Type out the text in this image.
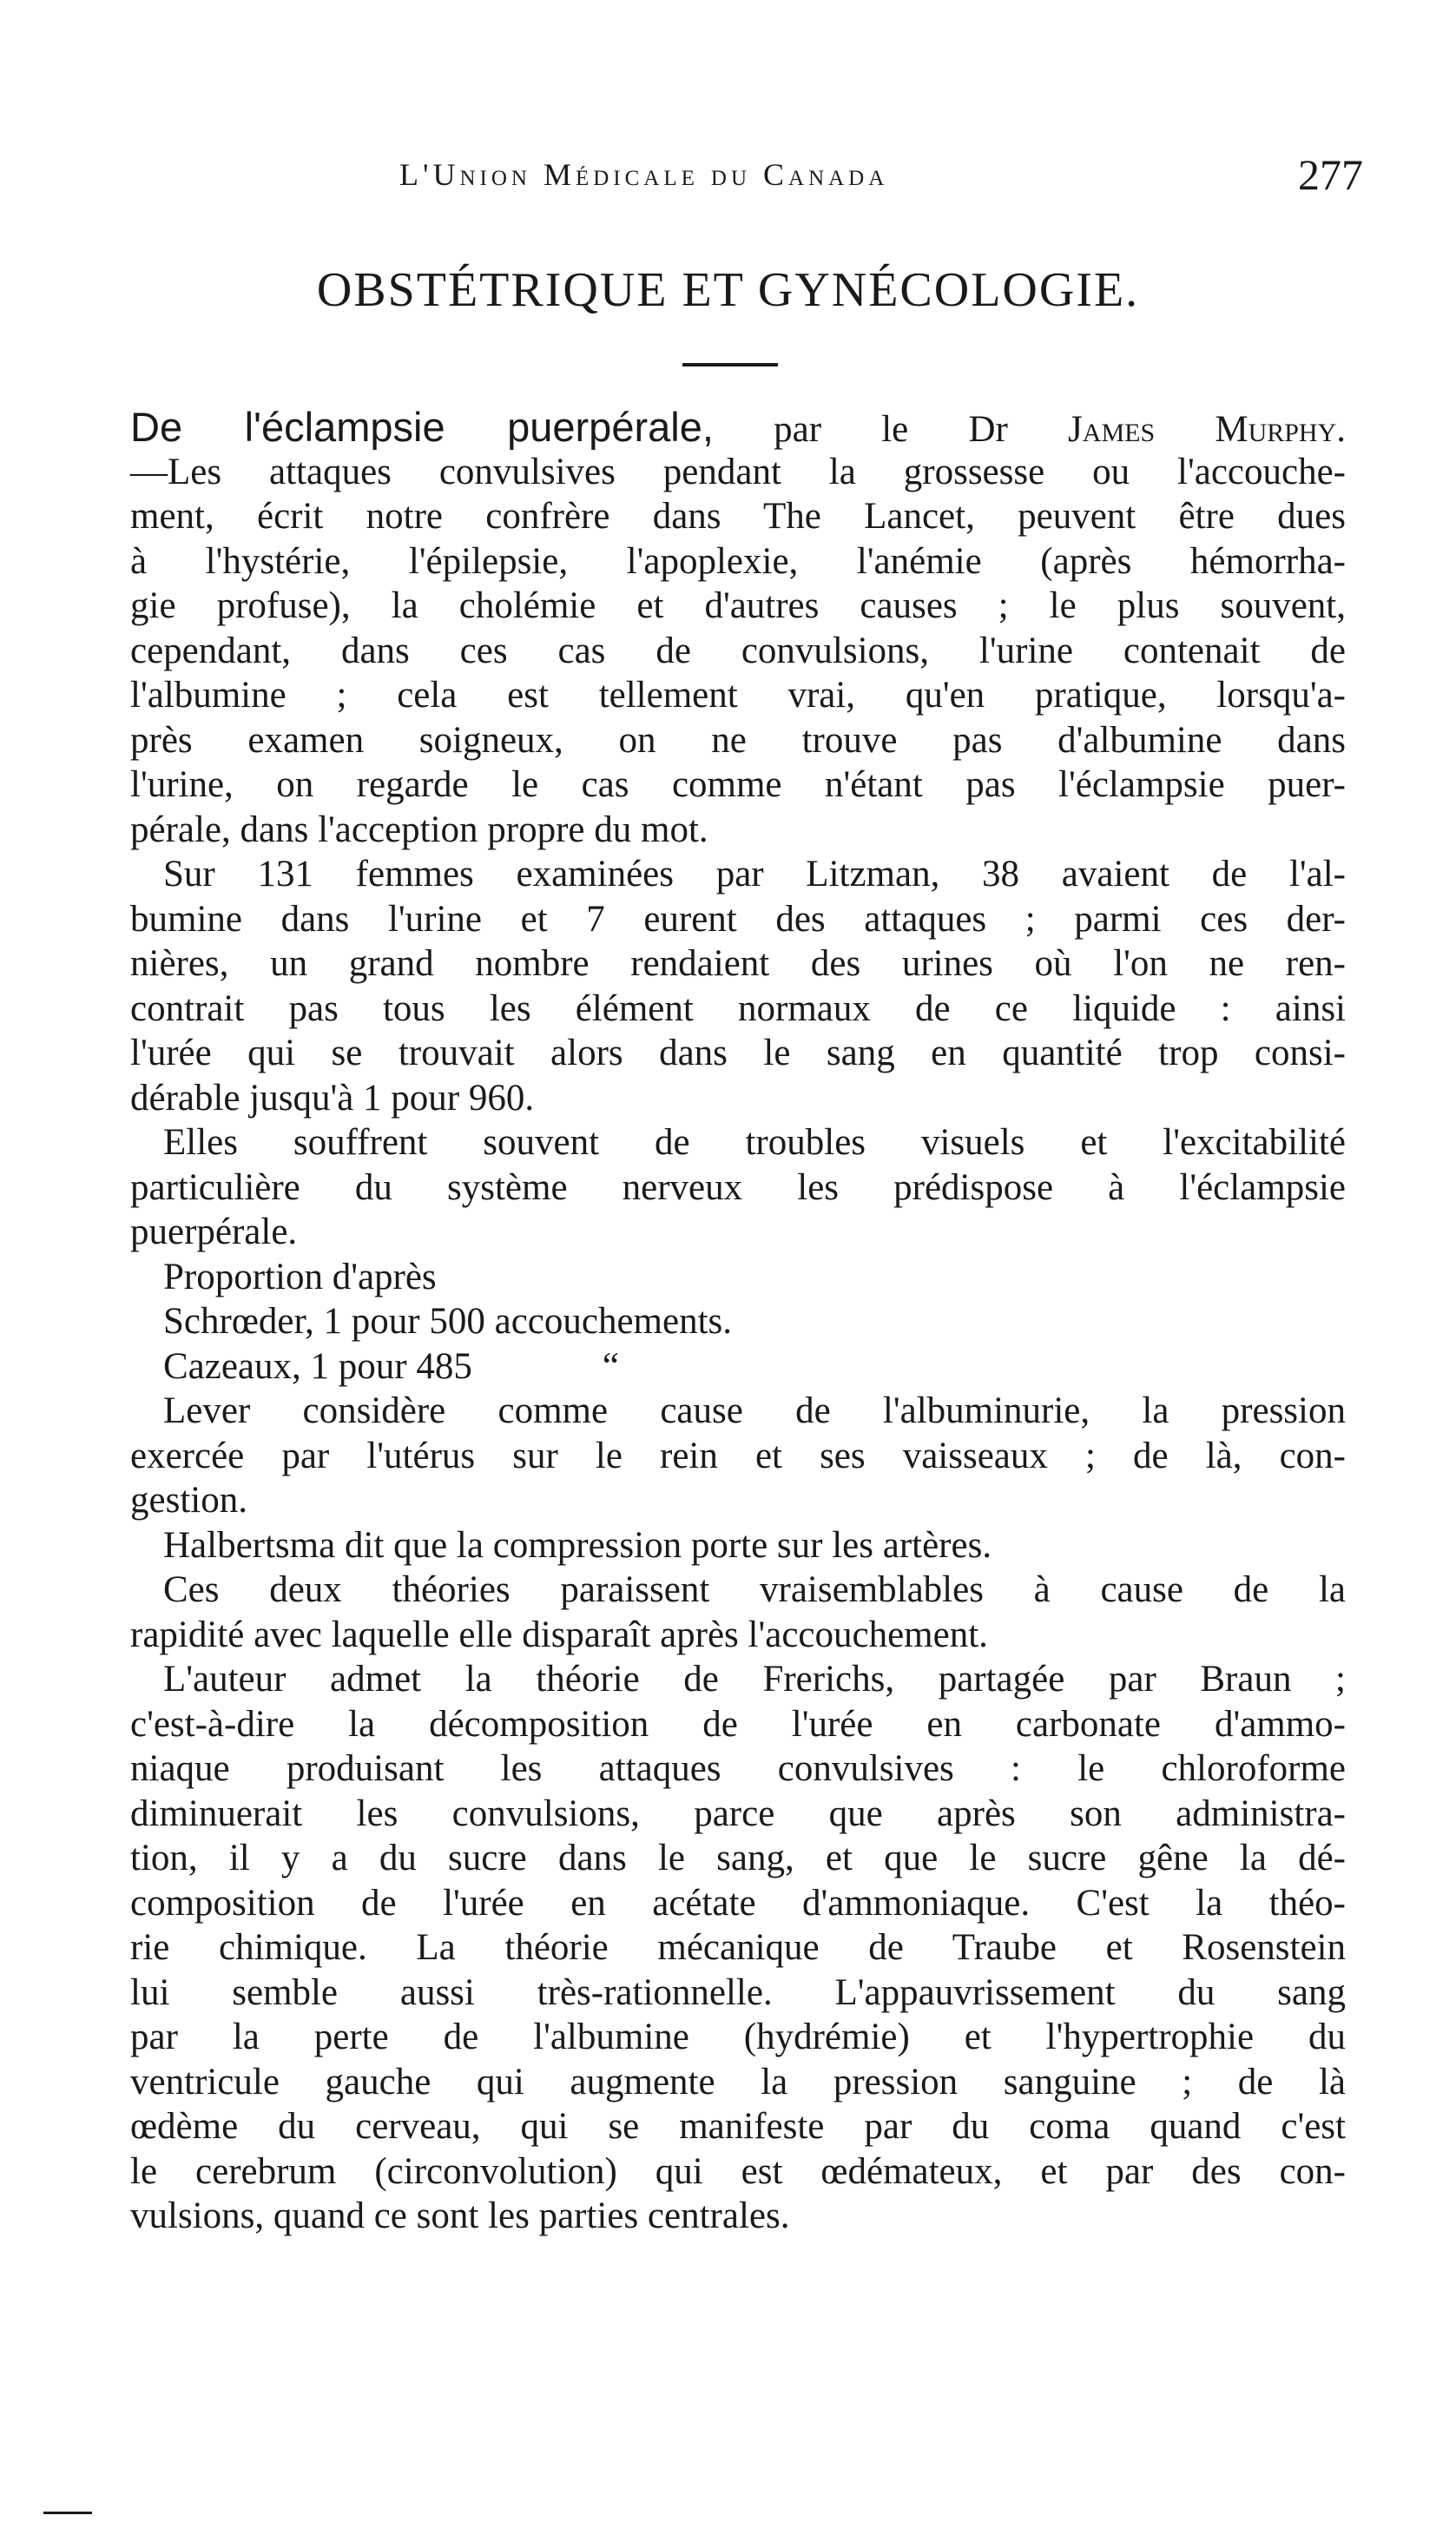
L'Union Médicale du Canada	277
OBSTÉTRIQUE ET GYNÉCOLOGIE.
De l'éclampsie puerpérale, par le Dr James Murphy.
—Les attaques convulsives pendant la grossesse ou l'accouche-
ment, écrit notre confrère dans The Lancet, peuvent être dues
à l'hystérie, l'épilepsie, l'apoplexie, l'anémie (après hémorrha-
gie profuse), la cholémie et d'autres causes ; le plus souvent,
cependant, dans ces cas de convulsions, l'urine contenait de
l'albumine ; cela est tellement vrai, qu'en pratique, lorsqu'a-
près examen soigneux, on ne trouve pas d'albumine dans
l'urine, on regarde le cas comme n'étant pas l'éclampsie puer-
pérale, dans l'acception propre du mot.
Sur 131 femmes examinées par Litzman, 38 avaient de l'al-
bumine dans l'urine et 7 eurent des attaques ; parmi ces der-
nières, un grand nombre rendaient des urines où l'on ne ren-
contrait pas tous les élément normaux de ce liquide : ainsi
l'urée qui se trouvait alors dans le sang en quantité trop consi-
dérable jusqu'à 1 pour 960.
Elles souffrent souvent de troubles visuels et l'excitabilité
particulière du système nerveux les prédispose à l'éclampsie
puerpérale.
Proportion d'après
Schrœder, 1 pour 500 accouchements.
Cazeaux, 1 pour 485	“
Lever considère comme cause de l'albuminurie, la pression
exercée par l'utérus sur le rein et ses vaisseaux ; de là, con-
gestion.
Halbertsma dit que la compression porte sur les artères.
Ces deux théories paraissent vraisemblables à cause de la
rapidité avec laquelle elle disparaît après l'accouchement.
L'auteur admet la théorie de Frerichs, partagée par Braun ;
c'est-à-dire la décomposition de l'urée en carbonate d'ammo-
niaque produisant les attaques convulsives : le chloroforme
diminuerait les convulsions, parce que après son administra-
tion, il y a du sucre dans le sang, et que le sucre gêne la dé-
composition de l'urée en acétate d'ammoniaque. C'est la théo-
rie chimique. La théorie mécanique de Traube et Rosenstein
lui semble aussi très-rationnelle. L'appauvrissement du sang
par la perte de l'albumine (hydrémie) et l'hypertrophie du
ventricule gauche qui augmente la pression sanguine ; de là
œdème du cerveau, qui se manifeste par du coma quand c'est
le cerebrum (circonvolution) qui est œdémateux, et par des con-
vulsions, quand ce sont les parties centrales.
